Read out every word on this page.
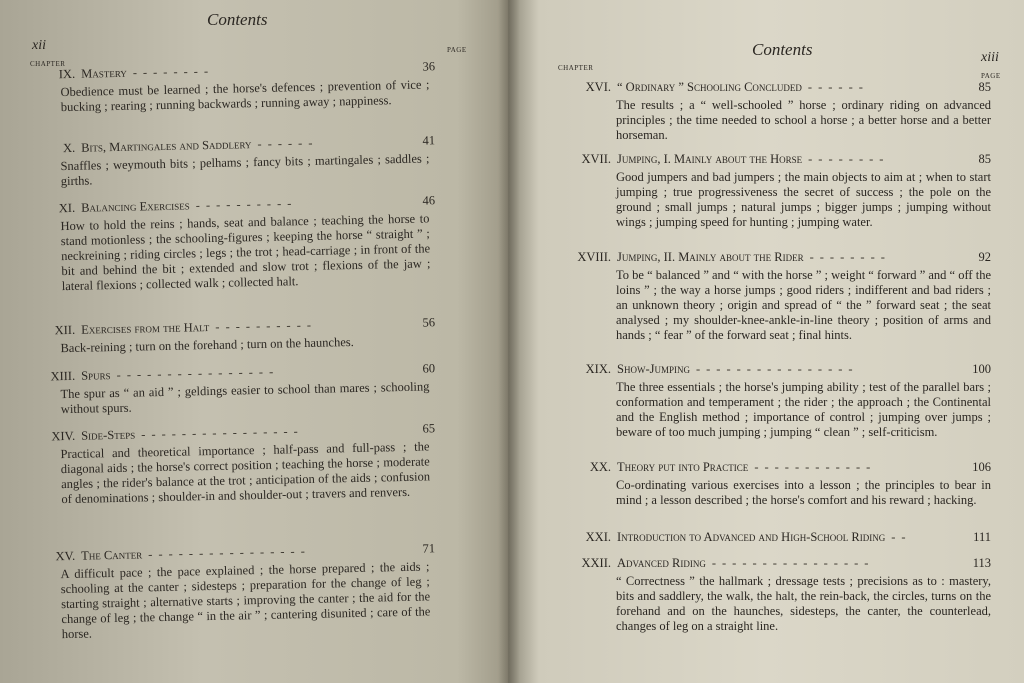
Contents
xii
CHAPTER
PAGE
IX. Mastery --------	36
Obedience must be learned ; the horse's defences ; prevention of vice ; bucking ; rearing ; running backwards ; running away ; nappiness.
X. Bits, Martingales and Saddlery ------	41
Snaffles ; weymouth bits ; pelhams ; fancy bits ; martingales ; saddles ; girths.
XI. Balancing Exercises ----------	46
How to hold the reins ; hands, seat and balance ; teaching the horse to stand motionless ; the schooling-figures ; keeping the horse “ straight ” ; neckreining ; riding circles ; legs ; the trot ; head-carriage ; in front of the bit and behind the bit ; extended and slow trot ; flexions of the jaw ; lateral flexions ; collected walk ; collected halt.
XII. Exercises from the Halt ----------	56
Back-reining ; turn on the forehand ; turn on the haunches.
XIII. Spurs ----------------	60
The spur as “ an aid ” ; geldings easier to school than mares ; schooling without spurs.
XIV. Side-Steps ----------------	65
Practical and theoretical importance ; half-pass and full-pass ; the diagonal aids ; the horse's correct position ; teaching the horse ; moderate angles ; the rider's balance at the trot ; anticipation of the aids ; confusion of denominations ; shoulder-in and shoulder-out ; travers and renvers.
XV. The Canter ----------------	71
A difficult pace ; the pace explained ; the horse prepared ; the aids ; schooling at the canter ; sidesteps ; preparation for the change of leg ; starting straight ; alternative starts ; improving the canter ; the aid for the change of leg ; the change “ in the air ” ; cantering disunited ; care of the horse.
Contents	xiii
CHAPTER
PAGE
XVI. “ Ordinary ” Schooling Concluded ------	85
The results ; a “ well-schooled ” horse ; ordinary riding on advanced principles ; the time needed to school a horse ; a better horse and a better horseman.
XVII. Jumping, I. Mainly about the Horse --------	85
Good jumpers and bad jumpers ; the main objects to aim at ; when to start jumping ; true progressiveness the secret of success ; the pole on the ground ; small jumps ; natural jumps ; bigger jumps ; jumping without wings ; jumping speed for hunting ; jumping water.
XVIII. Jumping, II. Mainly about the Rider --------	92
To be “ balanced ” and “ with the horse ” ; weight “ forward ” and “ off the loins ” ; the way a horse jumps ; good riders ; indifferent and bad riders ; an unknown theory ; origin and spread of “ the ” forward seat ; the seat analysed ; my shoulder-knee-ankle-in-line theory ; position of arms and hands ; “ fear ” of the forward seat ; final hints.
XIX. Show-Jumping ----------------	100
The three essentials ; the horse's jumping ability ; test of the parallel bars ; conformation and temperament ; the rider ; the approach ; the Continental and the English method ; importance of control ; jumping over jumps ; beware of too much jumping ; jumping “ clean ” ; self-criticism.
XX. Theory put into Practice ------------	106
Co-ordinating various exercises into a lesson ; the principles to bear in mind ; a lesson described ; the horse's comfort and his reward ; hacking.
XXI. Introduction to Advanced and High-School Riding --	111
XXII. Advanced Riding ----------------	113
“ Correctness ” the hallmark ; dressage tests ; precisions as to : mastery, bits and saddlery, the walk, the halt, the rein-back, the circles, turns on the forehand and on the haunches, sidesteps, the canter, the counterlead, changes of leg on a straight line.
